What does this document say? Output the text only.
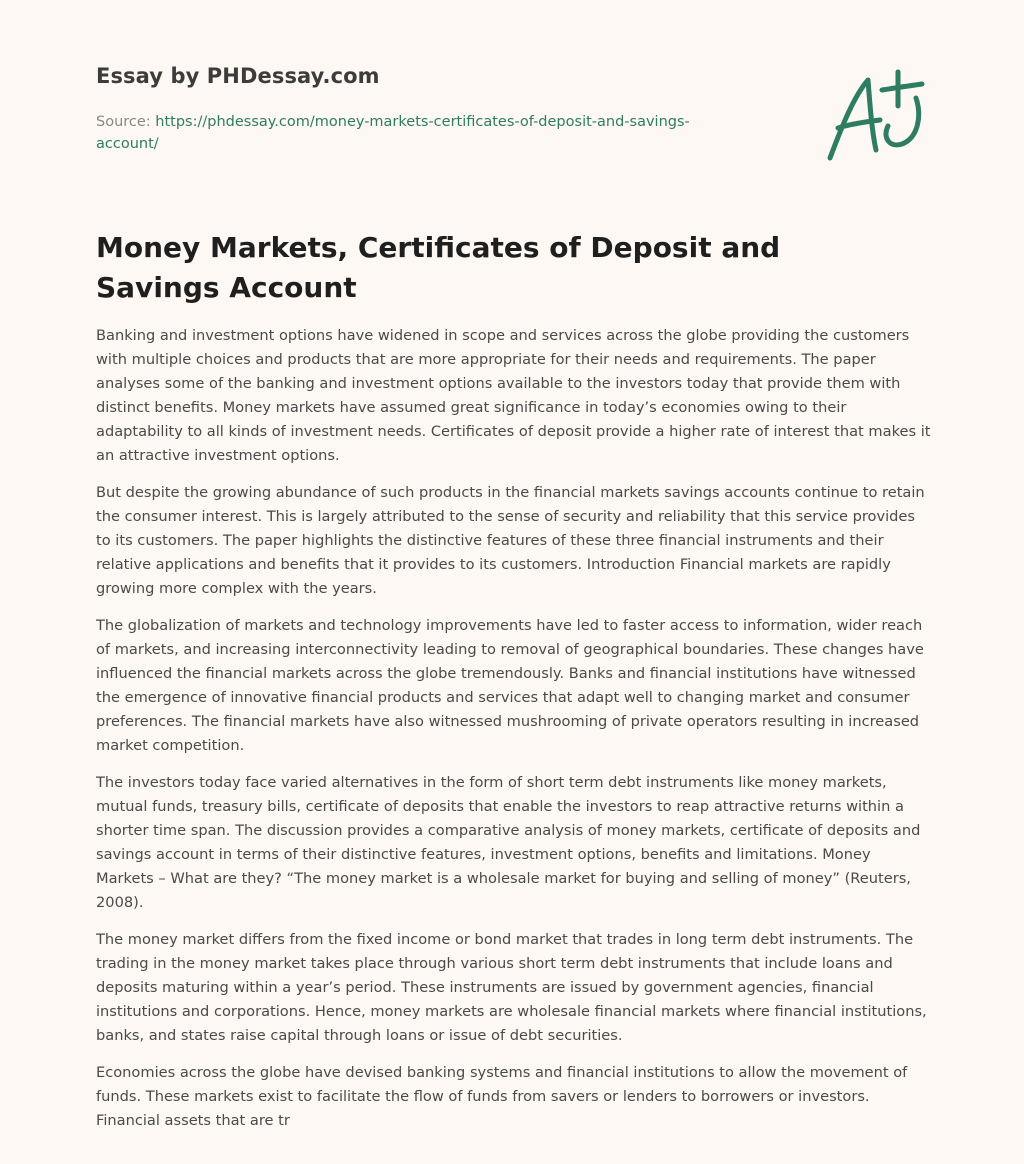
Essay by PHDessay.com
Source: https://phdessay.com/money-markets-certificates-of-deposit-and-savings-account/
Money Markets, Certificates of Deposit and Savings Account

Banking and investment options have widened in scope and services across the globe providing the customers with multiple choices and products that are more appropriate for their needs and requirements. The paper analyses some of the banking and investment options available to the investors today that provide them with distinct benefits. Money markets have assumed great significance in today’s economies owing to their adaptability to all kinds of investment needs. Certificates of deposit provide a higher rate of interest that makes it an attractive investment options.

But despite the growing abundance of such products in the financial markets savings accounts continue to retain the consumer interest. This is largely attributed to the sense of security and reliability that this service provides to its customers. The paper highlights the distinctive features of these three financial instruments and their relative applications and benefits that it provides to its customers. Introduction Financial markets are rapidly growing more complex with the years.

The globalization of markets and technology improvements have led to faster access to information, wider reach of markets, and increasing interconnectivity leading to removal of geographical boundaries. These changes have influenced the financial markets across the globe tremendously. Banks and financial institutions have witnessed the emergence of innovative financial products and services that adapt well to changing market and consumer preferences. The financial markets have also witnessed mushrooming of private operators resulting in increased market competition.

The investors today face varied alternatives in the form of short term debt instruments like money markets, mutual funds, treasury bills, certificate of deposits that enable the investors to reap attractive returns within a shorter time span. The discussion provides a comparative analysis of money markets, certificate of deposits and savings account in terms of their distinctive features, investment options, benefits and limitations. Money Markets – What are they? “The money market is a wholesale market for buying and selling of money” (Reuters, 2008).

The money market differs from the fixed income or bond market that trades in long term debt instruments. The trading in the money market takes place through various short term debt instruments that include loans and deposits maturing within a year’s period. These instruments are issued by government agencies, financial institutions and corporations. Hence, money markets are wholesale financial markets where financial institutions, banks, and states raise capital through loans or issue of debt securities.

Economies across the globe have devised banking systems and financial institutions to allow the movement of funds. These markets exist to facilitate the flow of funds from savers or lenders to borrowers or investors. Financial assets that are tr
